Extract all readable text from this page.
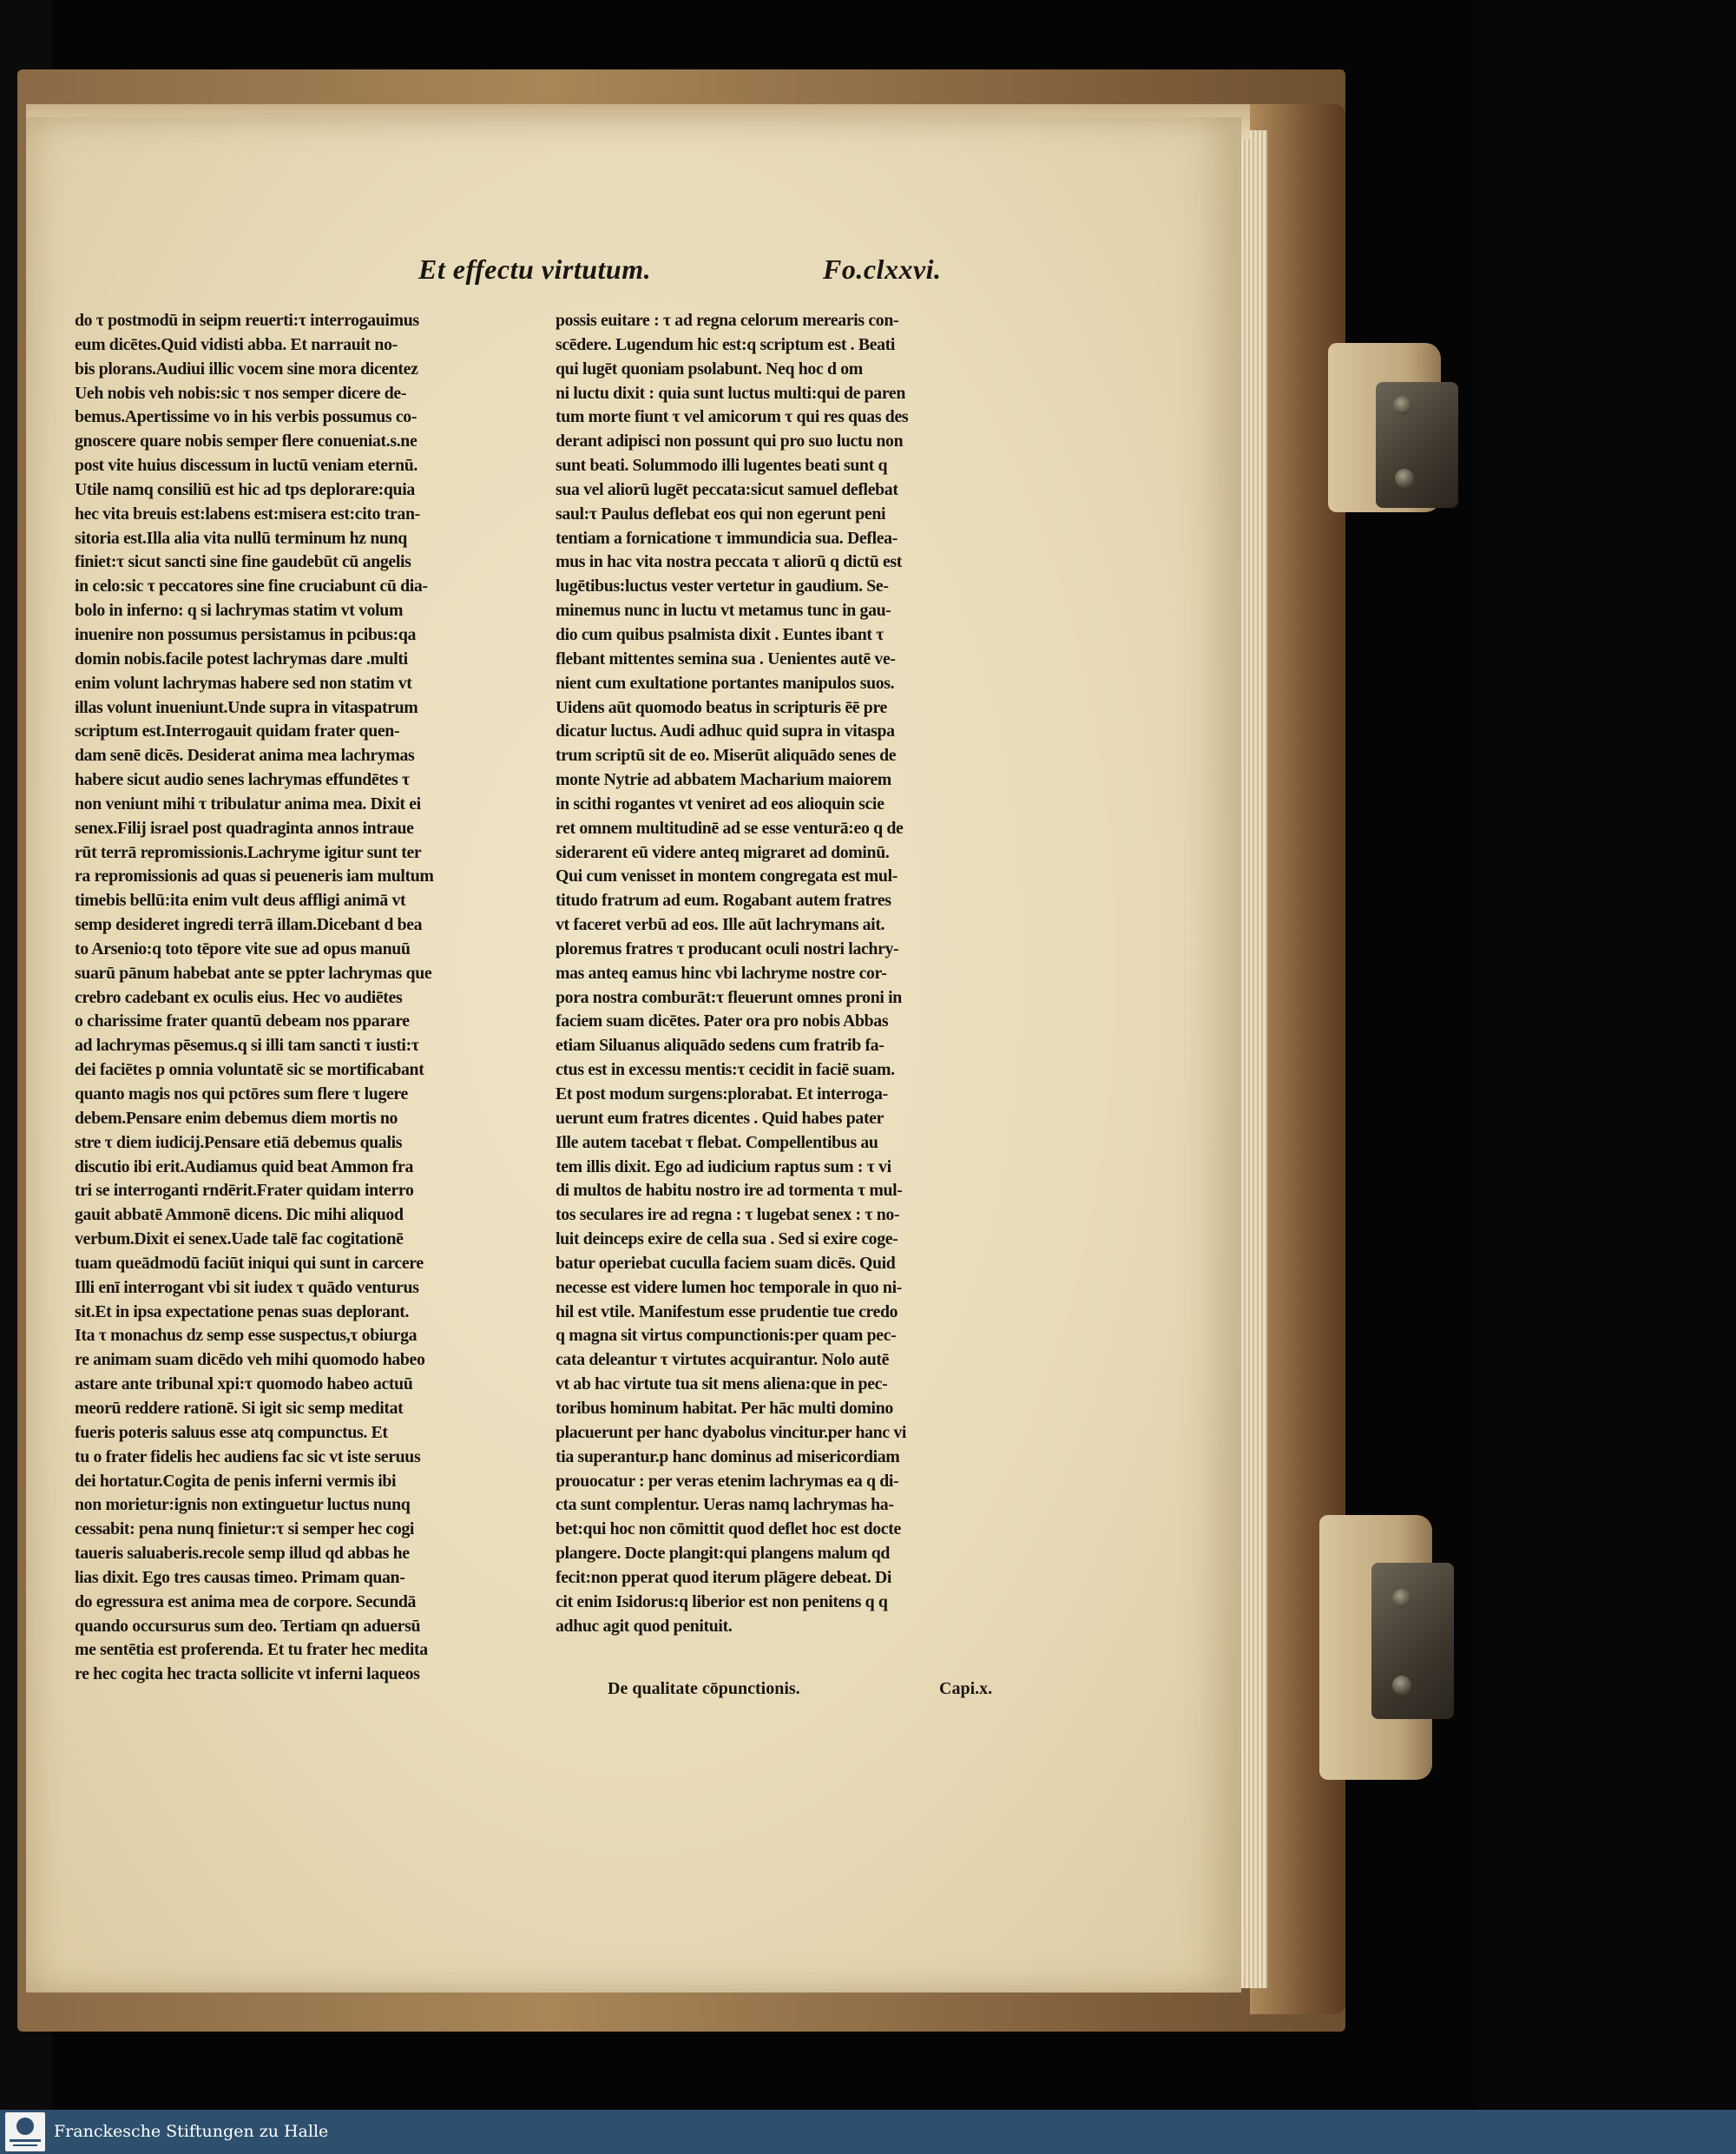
Et effectu virtutum.	Fo.clxxvi.
do τ postmodū in seipm reuerti:τ interrogauimus
eum dicētes.Quid vidisti abba. Et narrauit no-
bis plorans.Audiui illic vocem sine mora dicentez
Ueh nobis veh nobis:sic τ nos semper dicere de-
bemus.Apertissime vo in his verbis possumus co-
gnoscere quare nobis semper flere conueniat.s.ne
post vite huius discessum in luctū veniam eternū.
Utile namq consiliū est hic ad tps deplorare:quia
hec vita breuis est:labens est:misera est:cito tran-
sitoria est.Illa alia vita nullū terminum hz nunq
finiet:τ sicut sancti sine fine gaudebūt cū angelis
in celo:sic τ peccatores sine fine cruciabunt cū dia-
bolo in inferno: q si lachrymas statim vt volum
inuenire non possumus persistamus in pcibus:qa
domin nobis.facile potest lachrymas dare .multi
enim volunt lachrymas habere sed non statim vt
illas volunt inueniunt.Unde supra in vitaspatrum
scriptum est.Interrogauit quidam frater quen-
dam senē dicēs. Desiderat anima mea lachrymas
habere sicut audio senes lachrymas effundētes τ
non veniunt mihi τ tribulatur anima mea. Dixit ei
senex.Filij israel post quadraginta annos intraue
rūt terrā repromissionis.Lachryme igitur sunt ter
ra repromissionis ad quas si peueneris iam multum
timebis bellū:ita enim vult deus affligi animā vt
semp desideret ingredi terrā illam.Dicebant d bea
to Arsenio:q toto tēpore vite sue ad opus manuū
suarū pānum habebat ante se ppter lachrymas que
crebro cadebant ex oculis eius. Hec vo audiētes
o charissime frater quantū debeam nos pparare
ad lachrymas pēsemus.q si illi tam sancti τ iusti:τ
dei faciētes p omnia voluntatē sic se mortificabant
quanto magis nos qui pctōres sum flere τ lugere
debem.Pensare enim debemus diem mortis no
stre τ diem iudicij.Pensare etiā debemus qualis
discutio ibi erit.Audiamus quid beat Ammon fra
tri se interroganti rndērit.Frater quidam interro
gauit abbatē Ammonē dicens. Dic mihi aliquod
verbum.Dixit ei senex.Uade talē fac cogitationē
tuam queādmodū faciūt iniqui qui sunt in carcere
Illi enī interrogant vbi sit iudex τ quādo venturus
sit.Et in ipsa expectatione penas suas deplorant.
Ita τ monachus dz semp esse suspectus,τ obiurga
re animam suam dicēdo veh mihi quomodo habeo
astare ante tribunal xpi:τ quomodo habeo actuū
meorū reddere rationē. Si igit sic semp meditat
fueris poteris saluus esse atq compunctus. Et
tu o frater fidelis hec audiens fac sic vt iste seruus
dei hortatur.Cogita de penis inferni vermis ibi
non morietur:ignis non extinguetur luctus nunq
cessabit: pena nunq finietur:τ si semper hec cogi
taueris saluaberis.recole semp illud qd abbas he
lias dixit. Ego tres causas timeo. Primam quan-
do egressura est anima mea de corpore. Secundā
quando occursurus sum deo. Tertiam qn aduersū
me sentētia est proferenda. Et tu frater hec medita
re hec cogita hec tracta sollicite vt inferni laqueos
possis euitare : τ ad regna celorum merearis con-
scēdere. Lugendum hic est:q scriptum est . Beati
qui lugēt quoniam psolabunt. Neq hoc d om
ni luctu dixit : quia sunt luctus multi:qui de paren
tum morte fiunt τ vel amicorum τ qui res quas des
derant adipisci non possunt qui pro suo luctu non
sunt beati. Solummodo illi lugentes beati sunt q
sua vel aliorū lugēt peccata:sicut samuel deflebat
saul:τ Paulus deflebat eos qui non egerunt peni
tentiam a fornicatione τ immundicia sua. Deflea-
mus in hac vita nostra peccata τ aliorū q dictū est
lugētibus:luctus vester vertetur in gaudium. Se-
minemus nunc in luctu vt metamus tunc in gau-
dio cum quibus psalmista dixit . Euntes ibant τ
flebant mittentes semina sua . Uenientes autē ve-
nient cum exultatione portantes manipulos suos.
Uidens aūt quomodo beatus in scripturis ēē pre
dicatur luctus. Audi adhuc quid supra in vitaspa
trum scriptū sit de eo. Miserūt aliquādo senes de
monte Nytrie ad abbatem Macharium maiorem
in scithi rogantes vt veniret ad eos alioquin scie
ret omnem multitudinē ad se esse venturā:eo q de
siderarent eū videre anteq migraret ad dominū.
Qui cum venisset in montem congregata est mul-
titudo fratrum ad eum. Rogabant autem fratres
vt faceret verbū ad eos. Ille aūt lachrymans ait.
ploremus fratres τ producant oculi nostri lachry-
mas anteq eamus hinc vbi lachryme nostre cor-
pora nostra comburāt:τ fleuerunt omnes proni in
faciem suam dicētes. Pater ora pro nobis Abbas
etiam Siluanus aliquādo sedens cum fratrib fa-
ctus est in excessu mentis:τ cecidit in faciē suam.
Et post modum surgens:plorabat. Et interroga-
uerunt eum fratres dicentes . Quid habes pater
Ille autem tacebat τ flebat. Compellentibus au
tem illis dixit. Ego ad iudicium raptus sum : τ vi
di multos de habitu nostro ire ad tormenta τ mul-
tos seculares ire ad regna : τ lugebat senex : τ no-
luit deinceps exire de cella sua . Sed si exire coge-
batur operiebat cuculla faciem suam dicēs. Quid
necesse est videre lumen hoc temporale in quo ni-
hil est vtile. Manifestum esse prudentie tue credo
q magna sit virtus compunctionis:per quam pec-
cata deleantur τ virtutes acquirantur. Nolo autē
vt ab hac virtute tua sit mens aliena:que in pec-
toribus hominum habitat. Per hāc multi domino
placuerunt per hanc dyabolus vincitur.per hanc vi
tia superantur.p hanc dominus ad misericordiam
prouocatur : per veras etenim lachrymas ea q di-
cta sunt complentur. Ueras namq lachrymas ha-
bet:qui hoc non cōmittit quod deflet hoc est docte
plangere. Docte plangit:qui plangens malum qd
fecit:non pperat quod iterum plāgere debeat. Di
cit enim Isidorus:q liberior est non penitens q q
adhuc agit quod penituit.
De qualitate cōpunctionis.	Capi.x.
Franckesche Stiftungen zu Halle
